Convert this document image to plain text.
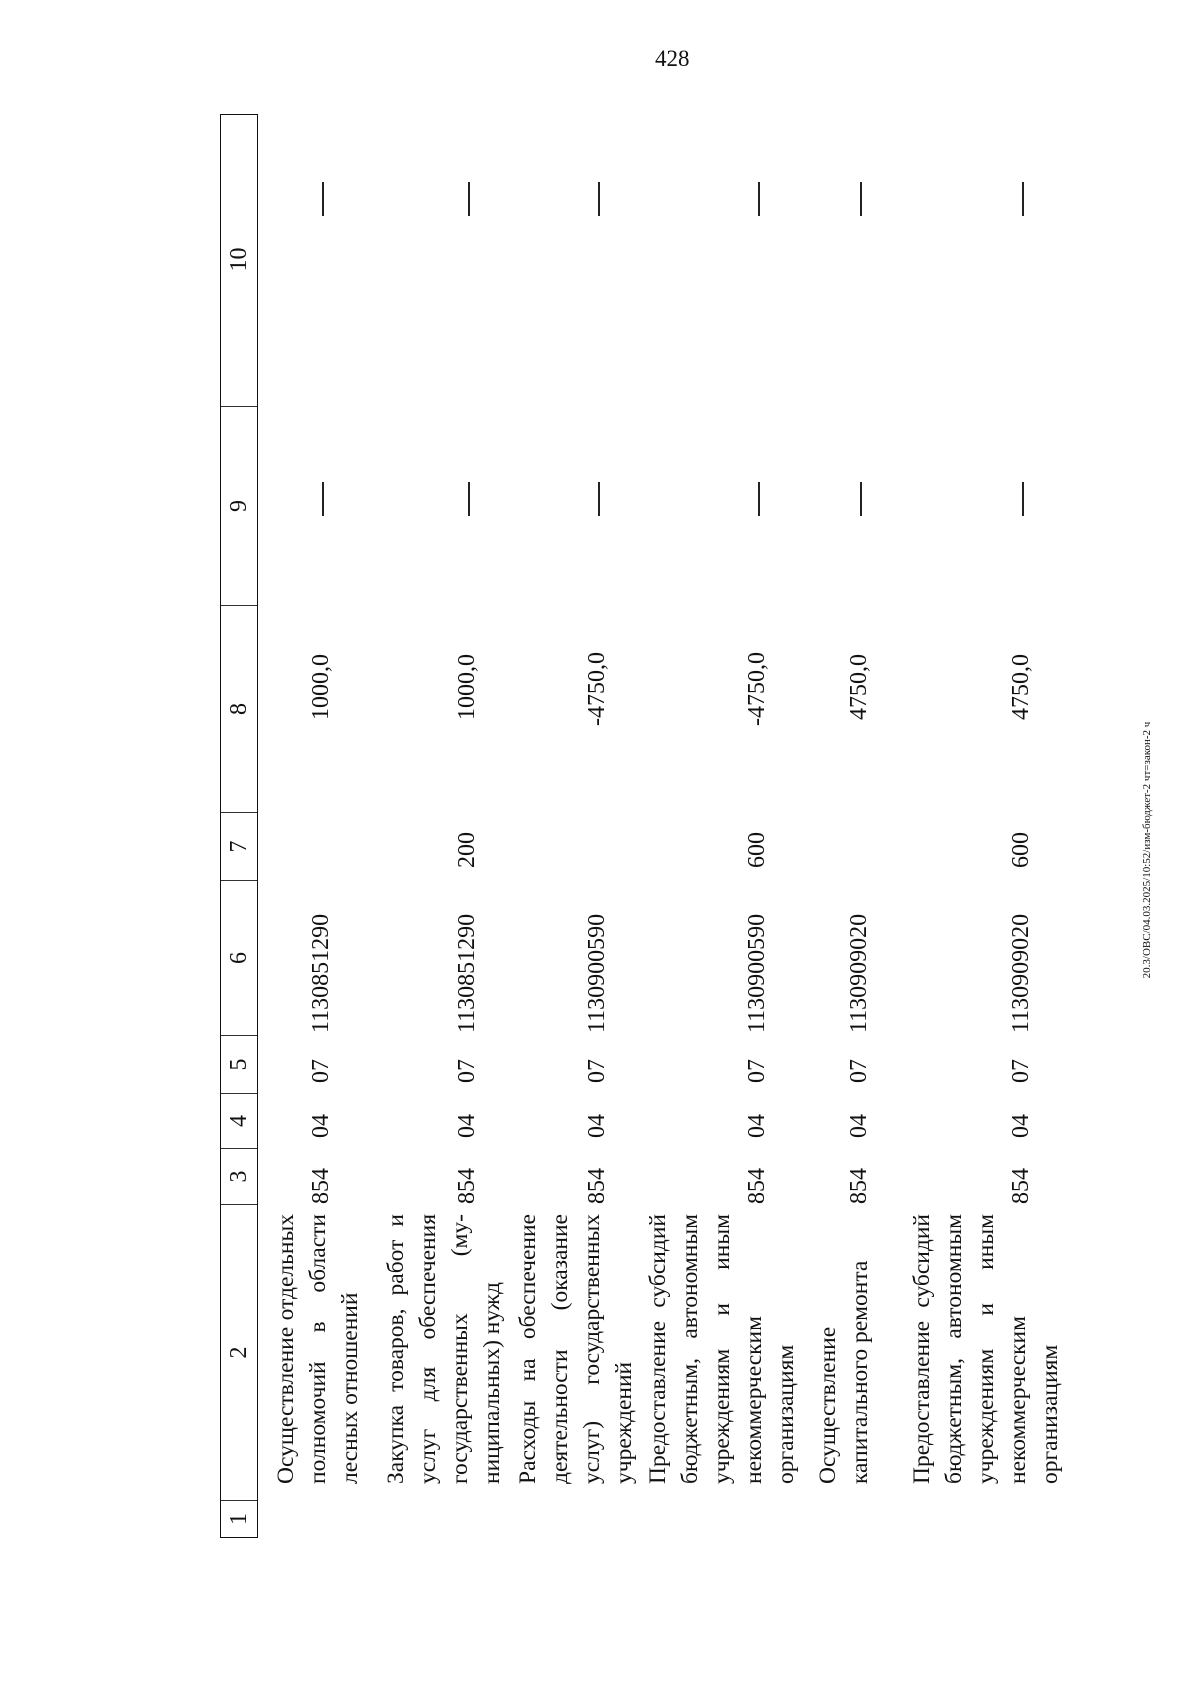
428
20.3/ОВС/04.03.2025/10:52/изм-бюджет-2 чт=закон-2 ч
1
2
3
4
5
6
7
8
9
10
Осуществление отдельных полномочий в области лесных отношений
854
04
07
1130851290
1000,0
Закупка товаров, работ и услуг для обеспечения государственных (муниципальных) нужд
854
04
07
1130851290
200
1000,0
Расходы на обеспечение деятельности (оказание услуг) государственных учреждений
854
04
07
1130900590
-4750,0
Предоставление субсидий бюджетным, автономным учреждениям и иным некоммерческим организациям
854
04
07
1130900590
600
-4750,0
Осуществление капитального ремонта
854
04
07
1130909020
4750,0
Предоставление субсидий бюджетным, автономным учреждениям и иным некоммерческим организациям
854
04
07
1130909020
600
4750,0
